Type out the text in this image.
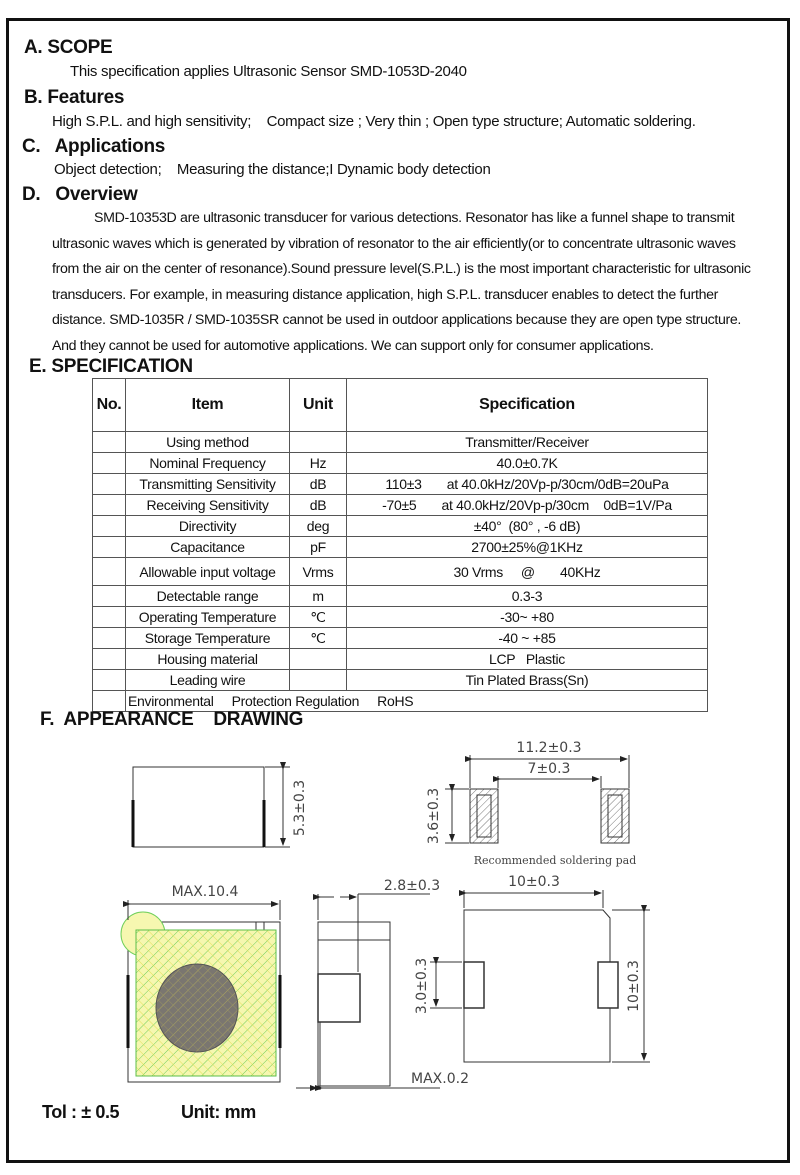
A. SCOPE
This specification applies Ultrasonic Sensor SMD-1053D-2040
B. Features
High S.P.L. and high sensitivity;    Compact size ; Very thin ; Open type structure; Automatic soldering.
C.   Applications
Object detection;    Measuring the distance;I Dynamic body detection
D.   Overview

SMD-10353D are ultrasonic transducer for various detections. Resonator has like a funnel shape to transmit

ultrasonic waves which is generated by vibration of resonator to the air efficiently(or to concentrate ultrasonic waves

from the air on the center of resonance).Sound pressure level(S.P.L.) is the most important characteristic for ultrasonic

transducers. For example, in measuring distance application, high S.P.L. transducer enables to detect the further

distance. SMD-1035R / SMD-1035SR cannot be used in outdoor applications because they are open type structure.

And they cannot be used for automotive applications. We can support only for consumer applications.

E. SPECIFICATION
No.	Item	Unit	Specification
	Using method		Transmitter/Receiver
	Nominal Frequency	Hz	40.0±0.7K
	Transmitting Sensitivity	dB	110±3       at 40.0kHz/20Vp-p/30cm/0dB=20uPa
	Receiving Sensitivity	dB	-70±5       at 40.0kHz/20Vp-p/30cm    0dB=1V/Pa
	Directivity	deg	±40°  (80° , -6 dB)
	Capacitance	pF	2700±25%@1KHz
	Allowable input voltage	Vrms	30 Vrms     @       40KHz
	Detectable range	m	0.3-3
	Operating Temperature	℃	-30~ +80
	Storage Temperature	℃	-40 ~ +85
	Housing material		LCP   Plastic
	Leading wire		Tin Plated Brass(Sn)
	Environmental Protection Regulation RoHS		
F.  APPEARANCE    DRAWING
5.3±0.3
11.2±0.3
7±0.3
3.6±0.3
Recommended soldering pad
MAX.10.4	2.8±0.3
MAX.0.2
10±0.3
10±0.3
3.0±0.3
Tol : ± 0.5	Unit: mm
